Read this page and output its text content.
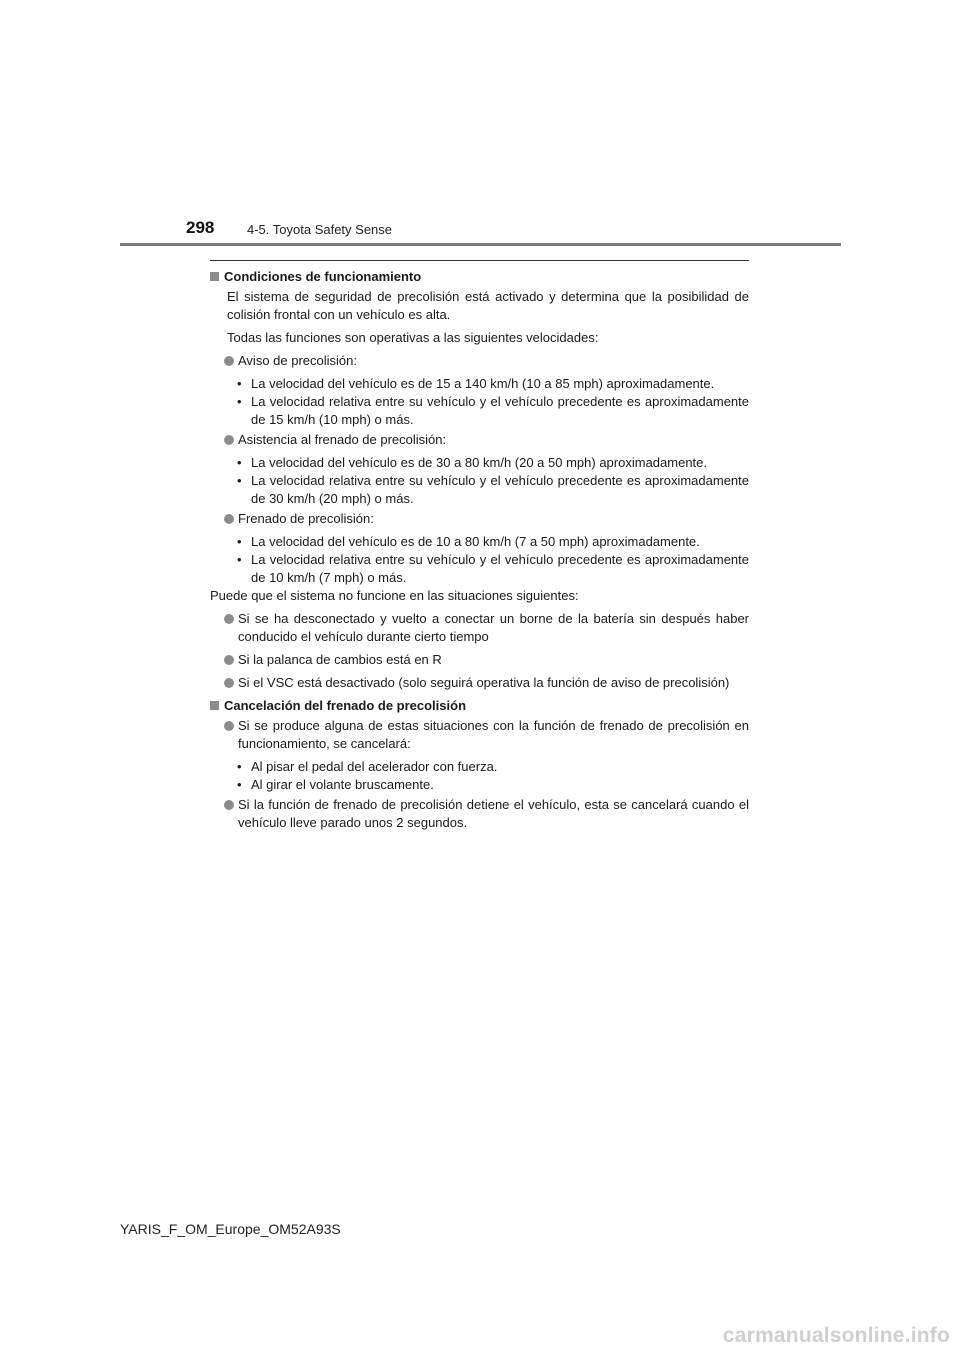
298	4-5. Toyota Safety Sense
Condiciones de funcionamiento
El sistema de seguridad de precolisión está activado y determina que la posibilidad de colisión frontal con un vehículo es alta.
Todas las funciones son operativas a las siguientes velocidades:
Aviso de precolisión:
• La velocidad del vehículo es de 15 a 140 km/h (10 a 85 mph) aproximadamente.
• La velocidad relativa entre su vehículo y el vehículo precedente es aproximadamente de 15 km/h (10 mph) o más.
Asistencia al frenado de precolisión:
• La velocidad del vehículo es de 30 a 80 km/h (20 a 50 mph) aproximadamente.
• La velocidad relativa entre su vehículo y el vehículo precedente es aproximadamente de 30 km/h (20 mph) o más.
Frenado de precolisión:
• La velocidad del vehículo es de 10 a 80 km/h (7 a 50 mph) aproximadamente.
• La velocidad relativa entre su vehículo y el vehículo precedente es aproximadamente de 10 km/h (7 mph) o más.
Puede que el sistema no funcione en las situaciones siguientes:
Si se ha desconectado y vuelto a conectar un borne de la batería sin después haber conducido el vehículo durante cierto tiempo
Si la palanca de cambios está en R
Si el VSC está desactivado (solo seguirá operativa la función de aviso de precolisión)
Cancelación del frenado de precolisión
Si se produce alguna de estas situaciones con la función de frenado de precolisión en funcionamiento, se cancelará:
• Al pisar el pedal del acelerador con fuerza.
• Al girar el volante bruscamente.
Si la función de frenado de precolisión detiene el vehículo, esta se cancelará cuando el vehículo lleve parado unos 2 segundos.
YARIS_F_OM_Europe_OM52A93S
carmanualsonline.info
